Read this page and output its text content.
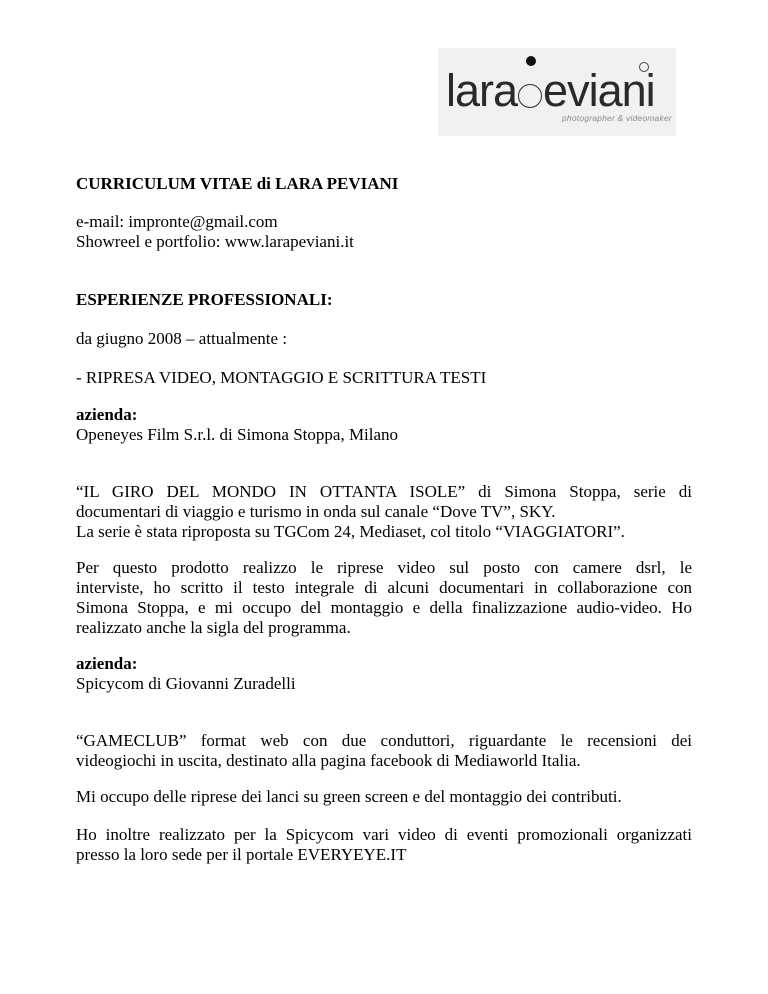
lara eviani
photographer & videomaker
CURRICULUM VITAE di LARA PEVIANI
e-mail: impronte@gmail.com
Showreel e portfolio: www.larapeviani.it
ESPERIENZE PROFESSIONALI:
da giugno 2008 – attualmente :
- RIPRESA VIDEO, MONTAGGIO E SCRITTURA TESTI
azienda:
Openeyes Film S.r.l. di Simona Stoppa, Milano
“IL GIRO DEL MONDO IN OTTANTA ISOLE” di Simona Stoppa, serie di
documentari di viaggio e turismo in onda sul canale “Dove TV”, SKY.
La serie è stata riproposta su TGCom 24, Mediaset, col titolo “VIAGGIATORI”.
Per questo prodotto realizzo le riprese video sul posto con camere dsrl, le
interviste, ho scritto il testo integrale di alcuni documentari in collaborazione con
Simona Stoppa, e mi occupo del montaggio e della finalizzazione audio-video. Ho
realizzato anche la sigla del programma.
azienda:
Spicycom di Giovanni Zuradelli
“GAMECLUB” format web con due conduttori, riguardante le recensioni dei
videogiochi in uscita, destinato alla pagina facebook di Mediaworld Italia.
Mi occupo delle riprese dei lanci su green screen e del montaggio dei contributi.
Ho inoltre realizzato per la Spicycom vari video di eventi promozionali organizzati
presso la loro sede per il portale EVERYEYE.IT
